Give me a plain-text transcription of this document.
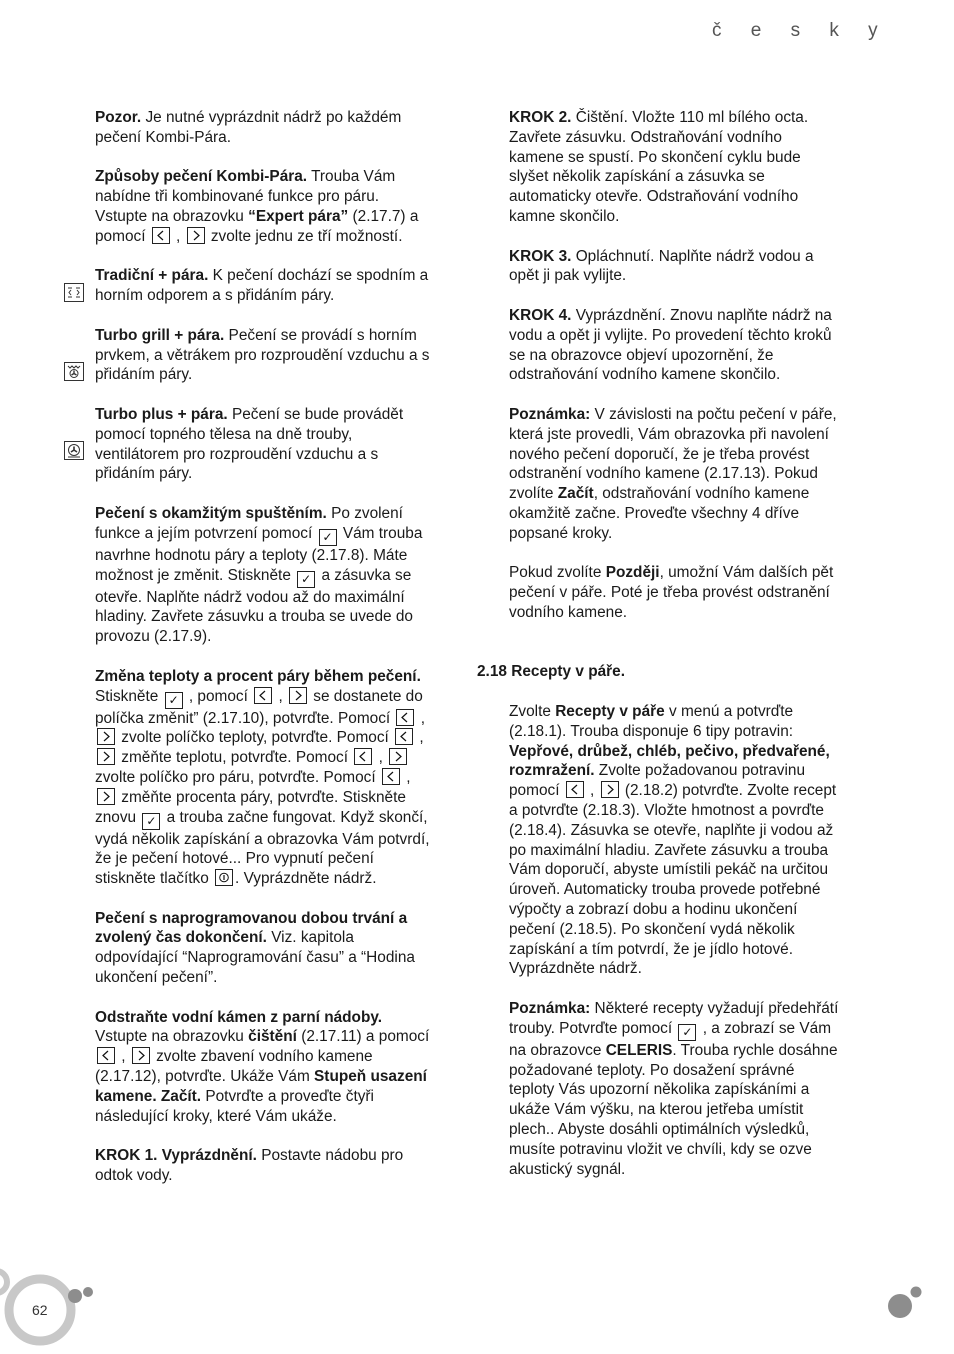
č e s k y

Pozor. Je nutné vyprázdnit nádrž po každém pečení Kombi-Pára.

Způsoby pečení Kombi-Pára. Trouba Vám nabídne tři kombinované funkce pro páru. Vstupte na obrazovku “Expert pára” (2.17.7) a pomocí
,
zvolte jednu ze tří možností.

Tradiční + pára. K pečení dochází se spodním a horním odporem a s přidáním páry.

Turbo grill + pára. Pečení se provádí s horním prvkem, a větrákem pro rozproudění vzduchu a s přidáním páry.

Turbo plus + pára. Pečení se bude provádět pomocí topného tělesa na dně trouby, ventilátorem pro rozproudění vzduchu a s přidáním páry.

Pečení s okamžitým spuštěním. Po zvolení funkce a jejím potvrzení pomocí ✓ Vám trouba navrhne hodnotu páry a teploty (2.17.8). Máte možnost je změnit. Stiskněte ✓ a zásuvka se otevře. Naplňte nádrž vodou až do maximální hladiny. Zavřete zásuvku a trouba se uvede do provozu (2.17.9).

Změna teploty a procent páry během pečení. Stiskněte ✓ , pomocí
,
se dostanete do políčka změnit” (2.17.10), potvrďte. Pomocí
,
zvolte políčko teploty, potvrďte. Pomocí
,
změňte teplotu, potvrďte. Pomocí
,
zvolte políčko pro páru, potvrďte. Pomocí
,
změňte procenta páry, potvrďte. Stiskněte znovu ✓ a trouba začne fungovat. Když skončí, vydá několik zapískání a obrazovka Vám potvrdí, že je pečení hotové... Pro vypnutí pečení stiskněte tlačítko
. Vyprázdněte nádrž.

Pečení s naprogramovanou dobou trvání a zvolený čas dokončení. Viz. kapitola odpovídající “Naprogramování času” a “Hodina ukončení pečení”.

Odstraňte vodní kámen z parní nádoby. Vstupte na obrazovku čištění (2.17.11) a pomocí
,
zvolte zbavení vodního kamene (2.17.12), potvrďte. Ukáže Vám Stupeň usazení kamene. Začít. Potvrďte a proveďte čtyři následující kroky, které Vám ukáže.

KROK 1. Vyprázdnění. Postavte nádobu pro odtok vody.

KROK 2. Čištění. Vložte 110 ml bílého octa. Zavřete zásuvku. Odstraňování vodního kamene se spustí. Po skončení cyklu bude slyšet několik zapískání a zásuvka se automaticky otevře. Odstraňování vodního kamne skončilo.

KROK 3. Opláchnutí. Naplňte nádrž vodou a opět ji pak vylijte.

KROK 4. Vyprázdnění. Znovu naplňte nádrž na vodu a opět ji vylijte. Po provedení těchto kroků se na obrazovce objeví upozornění, že odstraňování vodního kamene skončilo.

Poznámka: V závislosti na počtu pečení v páře, která jste provedli, Vám obrazovka při navolení nového pečení doporučí, že je třeba provést odstranění vodního kamene (2.17.13). Pokud zvolíte Začít, odstraňování vodního kamene okamžitě začne. Proveďte všechny 4 dříve popsané kroky.

Pokud zvolíte Později, umožní Vám dalších pět pečení v páře. Poté je třeba provést odstranění vodního kamene.

2.18 Recepty v páře.

Zvolte Recepty v páře v menú a potvrďte (2.18.1). Trouba disponuje 6 tipy potravin: Vepřové, drůbež, chléb, pečivo, předvařené, rozmražení. Zvolte požadovanou potravinu pomocí
,
(2.18.2) potvrďte. Zvolte recept a potvrďte (2.18.3). Vložte hmotnost a povrďte (2.18.4). Zásuvka se otevře, naplňte ji vodou až po maximální hladiu. Zavřete zásuvku a trouba Vám doporučí, abyste umístili pekáč na určitou úroveň. Automaticky trouba provede potřebné výpočty a zobrazí dobu a hodinu ukončení pečení (2.18.5). Po skončení vydá několik zapískání a tím potvrdí, že je jídlo hotové. Vyprázdněte nádrž.

Poznámka: Některé recepty vyžadují předehřátí trouby. Potvrďte pomocí ✓ , a zobrazí se Vám na obrazovce CELERIS. Trouba rychle dosáhne požadované teploty. Po dosažení správné teploty Vás upozorní několika zapískáními a ukáže Vám výšku, na kterou jetřeba umístit plech.. Abyste dosáhli optimálních výsledků, musíte potravinu vložit ve chvíli, kdy se ozve akustický sygnál.

62
